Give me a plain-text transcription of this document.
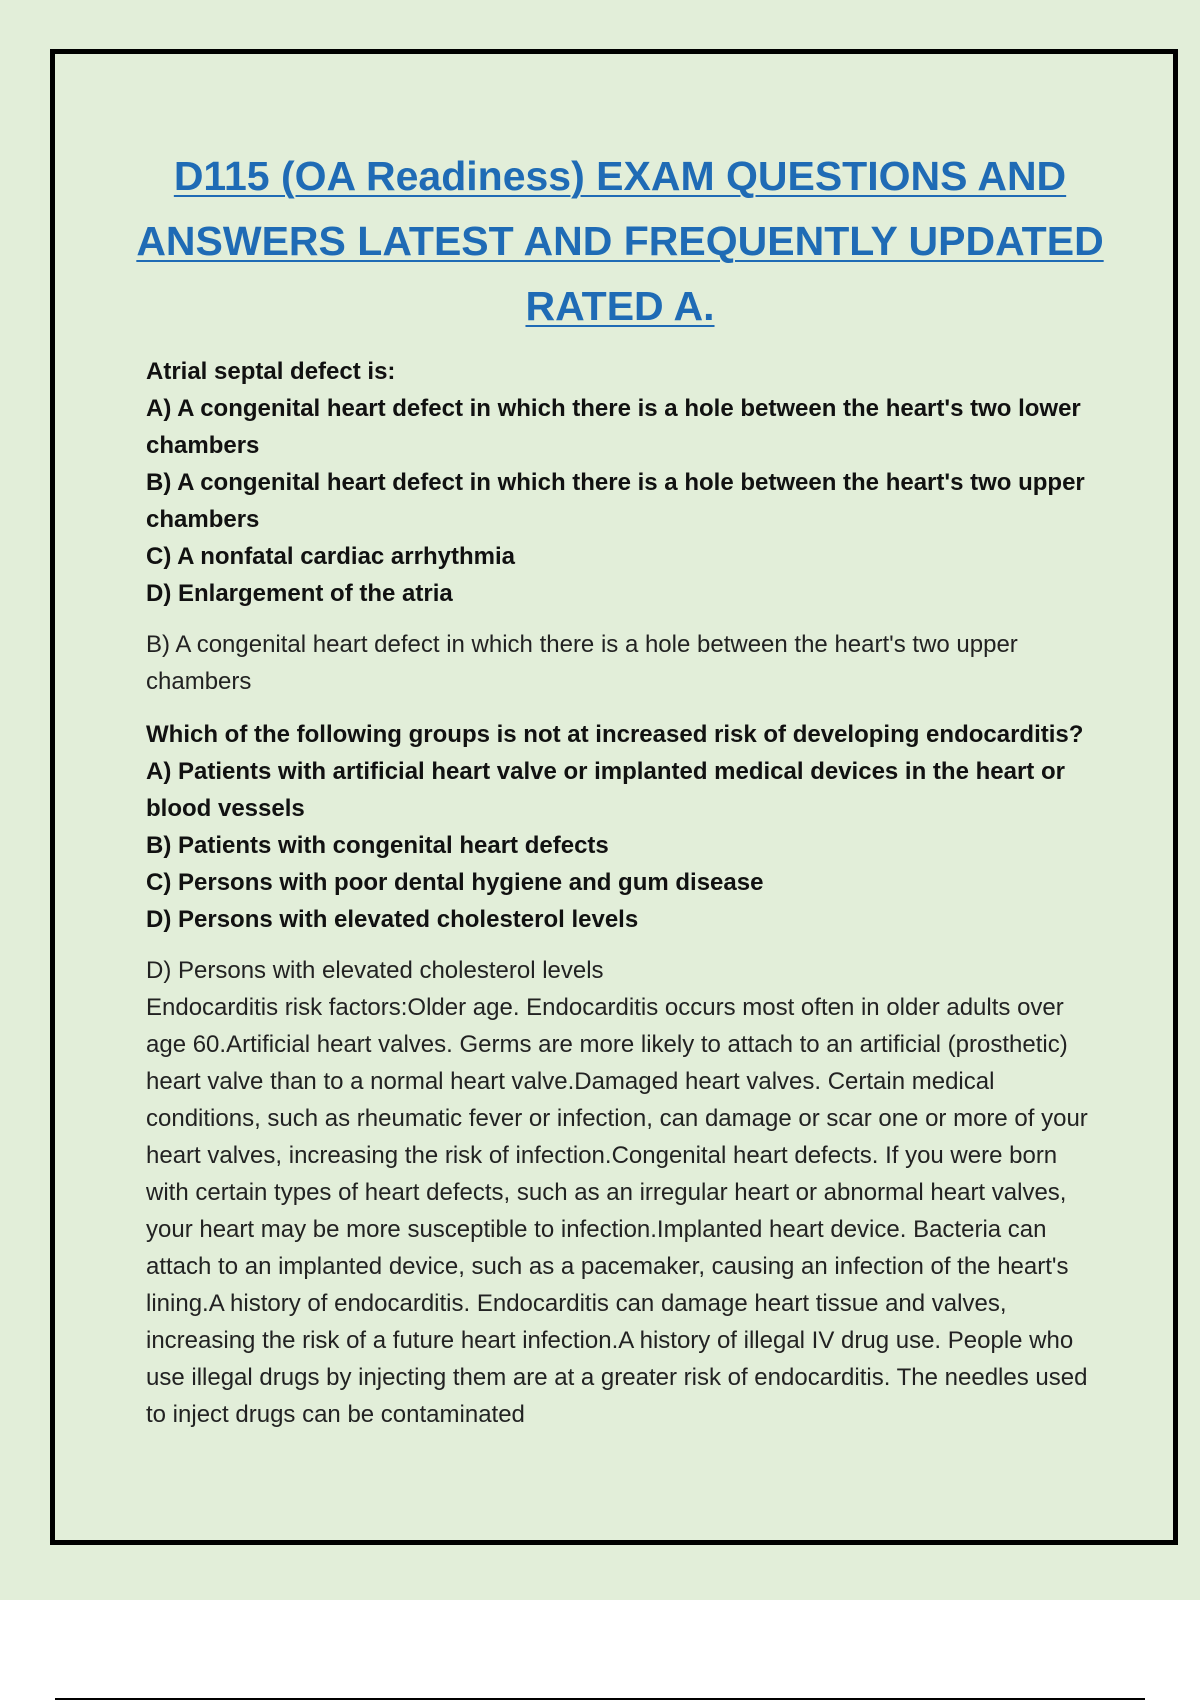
D115 (OA Readiness) EXAM QUESTIONS AND ANSWERS LATEST AND FREQUENTLY UPDATED RATED A.

Atrial septal defect is:

A) A congenital heart defect in which there is a hole between the heart's two lower chambers

B) A congenital heart defect in which there is a hole between the heart's two upper chambers

C) A nonfatal cardiac arrhythmia

D) Enlargement of the atria

B) A congenital heart defect in which there is a hole between the heart's two upper chambers

Which of the following groups is not at increased risk of developing endocarditis?

A) Patients with artificial heart valve or implanted medical devices in the heart or blood vessels

B) Patients with congenital heart defects

C) Persons with poor dental hygiene and gum disease

D) Persons with elevated cholesterol levels

D) Persons with elevated cholesterol levels

Endocarditis risk factors:Older age. Endocarditis occurs most often in older adults over age 60.Artificial heart valves. Germs are more likely to attach to an artificial (prosthetic) heart valve than to a normal heart valve.Damaged heart valves. Certain medical conditions, such as rheumatic fever or infection, can damage or scar one or more of your heart valves, increasing the risk of infection.Congenital heart defects. If you were born with certain types of heart defects, such as an irregular heart or abnormal heart valves, your heart may be more susceptible to infection.Implanted heart device. Bacteria can attach to an implanted device, such as a pacemaker, causing an infection of the heart's lining.A history of endocarditis. Endocarditis can damage heart tissue and valves, increasing the risk of a future heart infection.A history of illegal IV drug use. People who use illegal drugs by injecting them are at a greater risk of endocarditis. The needles used to inject drugs can be contaminated
